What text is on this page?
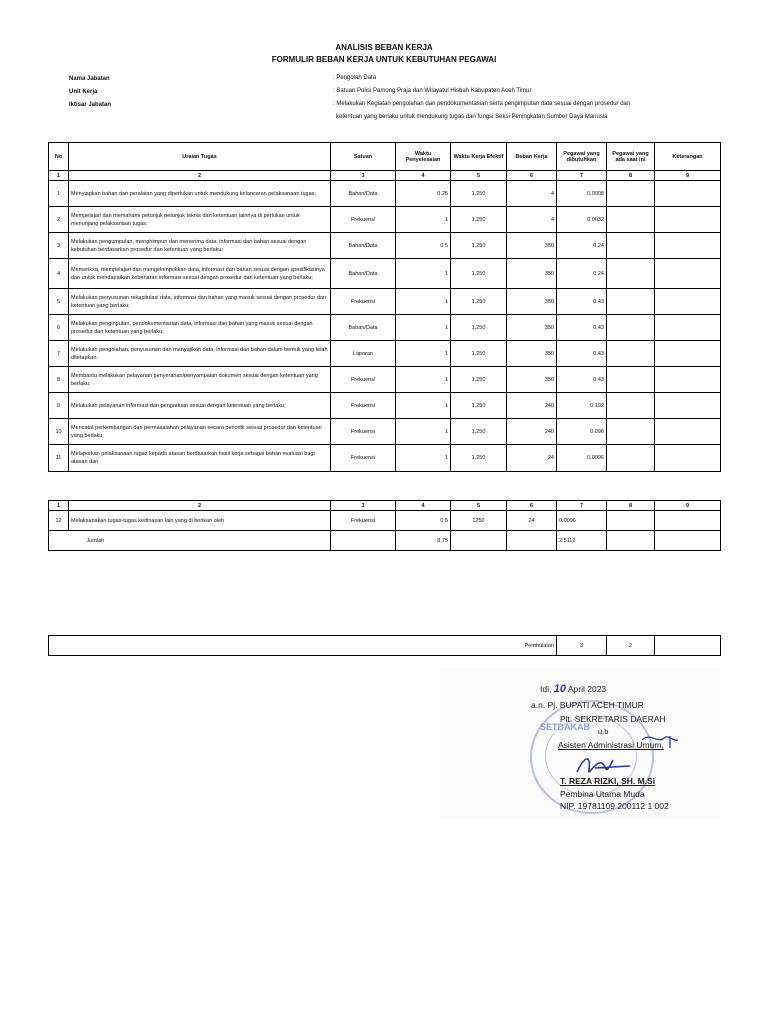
ANALISIS BEBAN KERJA
FORMULIR BEBAN KERJA UNTUK KEBUTUHAN PEGAWAI
Nama Jabatan	: Pengolah Data
Unit Kerja	: Satuan Polisi Pamong Praja dan Wilayatul Hisbah Kabupaten Aceh Timur
Iktisar Jabatan	: Melakukan Kegiatan pengolahan dan pendokumentasian serta pengimputan data sesuai dengan prosedur dan
ketentuan yang berlaku untuk mendukung tugas dan fungsi Seksi Peningkatan Sumber Daya Manusia
No	Uraian Tugas	Satuan	Waktu Penyelesaian	Waktu Kerja Efektif	Beban Kerja	Pegawai yang dibutuhkan	Pegawai yang ada saat ini	Keterangan
1	2	3	4	5	6	7	8	9
1	Menyiapkan bahan dan peralatan yang diperlukan untuk mendukung kelancaran pelaksanaan tugas;	Bahan/Data	0.25	1,250	4	0.0008		
2	Mempelajari dan memahami petunjuk petunjuk teknis dan ketentuan lainnya di perlukan untuk menunjang pelaksanaan tugas;	Frekuensi	1	1,250	4	0.0032		
3	Melakukan pengumpulan, menghimpun dan menerima data, informasi dan bahan sesuai dengan kebutuhan berdasarkan prosedur dan ketentuan yang berlaku;	Bahan/Data	0.5	1,250	350	0.24		
4	Memeriksa, mempelajari dan mengelompokkan data, informasi dan bahan sesuai dengan spesifikasinya dan untuk mendapatkan kebenaran informasi sesuai dengan prosedur dan ketentuan yang berlaku;	Bahan/Data	1	1,250	350	0.24		
5	Melakukan penyusunan rekapitulasi data, informasi dan bahan yang masuk sesuai dengan prosedur dan ketentuan yang berlaku;	Frekuensi	1	1,250	350	0.43		
6	Melakukan penginputan, pendokumentasian data, informasi dan bahan yang masuk sesuai dengan prosedur dan ketentuan yang berlaku;	Bahan/Data	1	1,250	350	0.43		
7	Melakukan pengolahan, penyusunan dan menyajikan data, informasi dan bahan dalam bentuk yang telah ditetapkan.	Laporan	1	1,250	350	0.43		
8	Membantu melakukan pelayanan penyerahan/penyampaian dokumen sesuai dengan ketentuan yang berlaku;	Frekuensi	1	1,250	350	0.43		
9	Melakukan pelayanan informasi dan pengaduan sesuai dengan ketentuan yang berlaku;	Frekuensi	1	1,250	240	0.192		
10	Mencatat perkembangan dan permasalahan pelayanan secara periodik sesuai prosedur dan ketentuan yang berlaku.	Frekuensi	1	1,250	240	0.096		
11	Melaporkan pelaksanaan tugas kepada atasan berdasarkan hasil kerja sebagai bahan evaluasi bagi atasan dan	Frekuensi	1	1,250	24	0.0096		
1	2	3	4	5	6	7	8	9
12	Melaksanakan tugas-tugas kedinasan lain yang di berikan oleh	Frekuensi	0,5	1250	24	0.0096		
	Jumlah		8,75			2.5112		
Pembulatan	3	2	
SETDAKAB
Idi, 10 April 2023
a.n. Pj. BUPATI ACEH TIMUR
Plt. SEKRETARIS DAERAH
u.b
Asisten Administrasi Umum,
T. REZA RIZKI, SH. M.Si
Pembina Utama Muda
NIP. 19781109 200112 1 002
